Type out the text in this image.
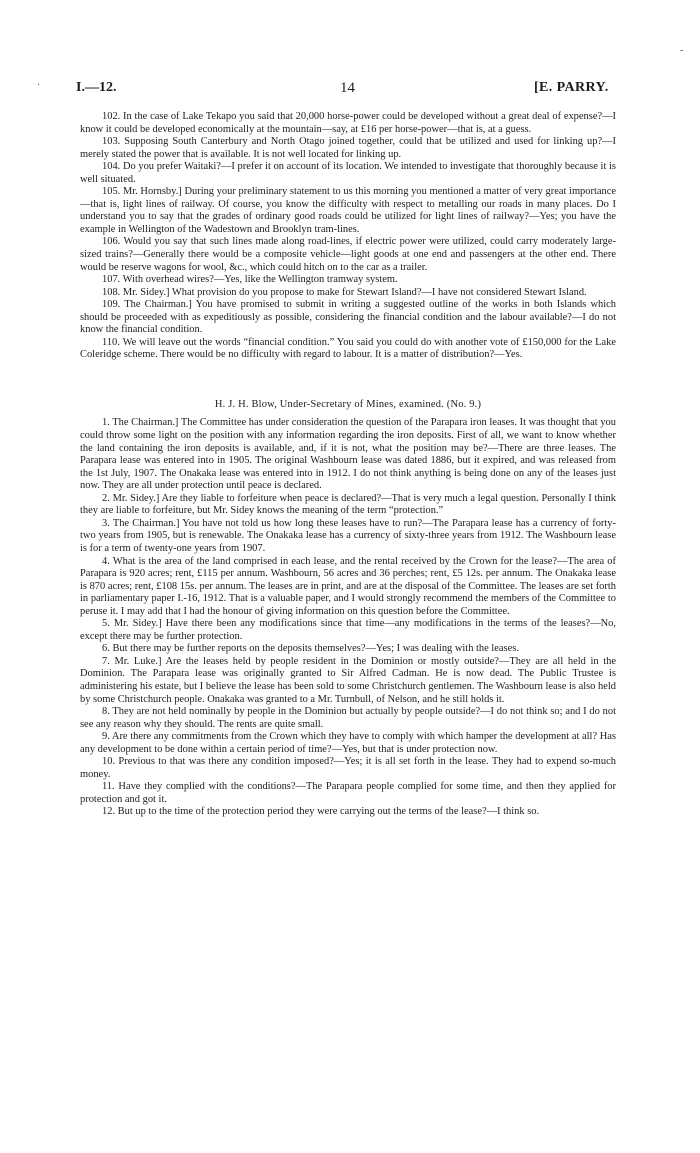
I.—12.	14	[E. PARRY.
·
‐

102. In the case of Lake Tekapo you said that 20,000 horse-power could be developed without a great deal of expense?—I know it could be developed economically at the mountain—say, at £16 per horse-power—that is, at a guess.

103. Supposing South Canterbury and North Otago joined together, could that be utilized and used for linking up?—I merely stated the power that is available. It is not well located for linking up.

104. Do you prefer Waitaki?—I prefer it on account of its location. We intended to investigate that thoroughly because it is well situated.

105. Mr. Hornsby.] During your preliminary statement to us this morning you mentioned a matter of very great importance—that is, light lines of railway. Of course, you know the difficulty with respect to metalling our roads in many places. Do I understand you to say that the grades of ordinary good roads could be utilized for light lines of railway?—Yes; you have the example in Wellington of the Wadestown and Brooklyn tram-lines.

106. Would you say that such lines made along road-lines, if electric power were utilized, could carry moderately large-sized trains?—Generally there would be a composite vehicle—light goods at one end and passengers at the other end. There would be reserve wagons for wool, &c., which could hitch on to the car as a trailer.

107. With overhead wires?—Yes, like the Wellington tramway system.

108. Mr. Sidey.] What provision do you propose to make for Stewart Island?—I have not considered Stewart Island.

109. The Chairman.] You have promised to submit in writing a suggested outline of the works in both Islands which should be proceeded with as expeditiously as possible, considering the financial condition and the labour available?—I do not know the financial condition.

110. We will leave out the words “financial condition.” You said you could do with another vote of £150,000 for the Lake Coleridge scheme. There would be no difficulty with regard to labour. It is a matter of distribution?—Yes.

H. J. H. Blow, Under-Secretary of Mines, examined. (No. 9.)

1. The Chairman.] The Committee has under consideration the question of the Parapara iron leases. It was thought that you could throw some light on the position with any information regarding the iron deposits. First of all, we want to know whether the land containing the iron deposits is available, and, if it is not, what the position may be?—There are three leases. The Parapara lease was entered into in 1905. The original Washbourn lease was dated 1886, but it expired, and was released from the 1st July, 1907. The Onakaka lease was entered into in 1912. I do not think anything is being done on any of the leases just now. They are all under protection until peace is declared.

2. Mr. Sidey.] Are they liable to forfeiture when peace is declared?—That is very much a legal question. Personally I think they are liable to forfeiture, but Mr. Sidey knows the meaning of the term “protection.”

3. The Chairman.] You have not told us how long these leases have to run?—The Parapara lease has a currency of forty-two years from 1905, but is renewable. The Onakaka lease has a currency of sixty-three years from 1912. The Washbourn lease is for a term of twenty-one years from 1907.

4. What is the area of the land comprised in each lease, and the rental received by the Crown for the lease?—The area of Parapara is 920 acres; rent, £115 per annum. Washbourn, 56 acres and 36 perches; rent, £5 12s. per annum. The Onakaka lease is 870 acres; rent, £108 15s. per annum. The leases are in print, and are at the disposal of the Committee. The leases are set forth in parliamentary paper I.-16, 1912. That is a valuable paper, and I would strongly recommend the members of the Committee to peruse it. I may add that I had the honour of giving information on this question before the Committee.

5. Mr. Sidey.] Have there been any modifications since that time—any modifications in the terms of the leases?—No, except there may be further protection.

6. But there may be further reports on the deposits themselves?—Yes; I was dealing with the leases.

7. Mr. Luke.] Are the leases held by people resident in the Dominion or mostly outside?—They are all held in the Dominion. The Parapara lease was originally granted to Sir Alfred Cadman. He is now dead. The Public Trustee is administering his estate, but I believe the lease has been sold to some Christchurch gentlemen. The Washbourn lease is also held by some Christchurch people. Onakaka was granted to a Mr. Turnbull, of Nelson, and he still holds it.

8. They are not held nominally by people in the Dominion but actually by people outside?—I do not think so; and I do not see any reason why they should. The rents are quite small.

9. Are there any commitments from the Crown which they have to comply with which hamper the development at all? Has any development to be done within a certain period of time?—Yes, but that is under protection now.

10. Previous to that was there any condition imposed?—Yes; it is all set forth in the lease. They had to expend so-much money.

11. Have they complied with the conditions?—The Parapara people complied for some time, and then they applied for protection and got it.

12. But up to the time of the protection period they were carrying out the terms of the lease?—I think so.
